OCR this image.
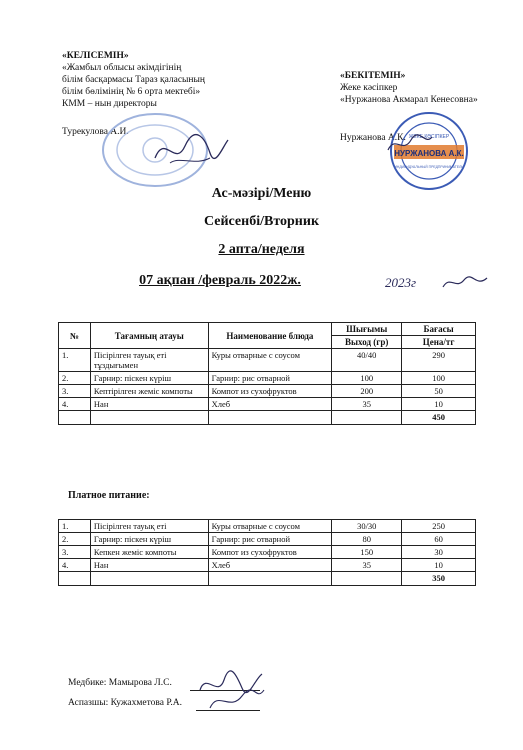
«КЕЛІСЕМІН»
«Жамбыл облысы әкімдігінің
білім басқармасы Тараз қаласының
білім бөлімінің № 6 орта мектебі»
КММ – нын директоры
Турекулова А.И.
«БЕКІТЕМІН»
Жеке кәсіпкер
«Нуржанова Акмарал Кенесовна»
Нуржанова А.К.
НУРЖАНОВА А.К.
ЖЕКЕ КӘСІПКЕР
ИНДИВИДУАЛЬНЫЙ ПРЕДПРИНИМАТЕЛЬ
Ас-мәзірі/Меню
Сейсенбі/Вторник
2 апта/неделя
07 ақпан /февраль 2022ж.	2023г
№	Тағамның атауы	Наименование блюда	Шығымы	Бағасы
			Выход (гр)	Цена/тг
1.	Пісірілген тауық еті тұздығымен	Куры отварные с соусом	40/40	290
2.	Гарнир: піскен күріш	Гарнир: рис отварной	100	100
3.	Кептірілген жеміс компоты	Компот из сухофруктов	200	50
4.	Нан	Хлеб	35	10
				450
Платное питание:
1.	Пісірілген тауық еті	Куры отварные с соусом	30/30	250
2.	Гарнир: піскен күріш	Гарнир: рис отварной	80	60
3.	Кепкен жеміс компоты	Компот из сухофруктов	150	30
4.	Нан	Хлеб	35	10
				350
Медбике: Мамырова Л.С.
Аспазшы: Кужахметова Р.А.
